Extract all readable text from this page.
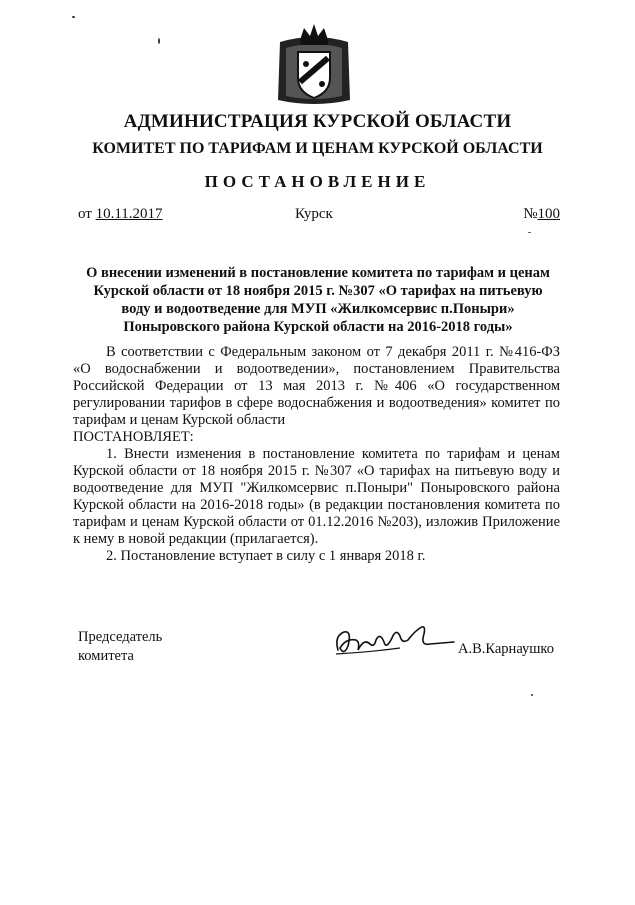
АДМИНИСТРАЦИЯ КУРСКОЙ ОБЛАСТИ
КОМИТЕТ ПО ТАРИФАМ И ЦЕНАМ КУРСКОЙ ОБЛАСТИ
ПОСТАНОВЛЕНИЕ
от 10.11.2017	Курск	№100
О внесении изменений в постановление комитета по тарифам и ценам Курской области от 18 ноября 2015 г. №307 «О тарифах на питьевую воду и водоотведение для МУП «Жилкомсервис п.Поныри» Поныровского района Курской области на 2016-2018 годы»

В соответствии с Федеральным законом от 7 декабря 2011 г. №416-ФЗ «О водоснабжении и водоотведении», постановлением Правительства Российской Федерации от 13 мая 2013 г. №406 «О государственном регулировании тарифов в сфере водоснабжения и водоотведения» комитет по тарифам и ценам Курской области

ПОСТАНОВЛЯЕТ:

1. Внести изменения в постановление комитета по тарифам и ценам Курской области от 18 ноября 2015 г. №307 «О тарифах на питьевую воду и водоотведение для МУП "Жилкомсервис п.Поныри" Поныровского района Курской области на 2016-2018 годы» (в редакции постановления комитета по тарифам и ценам Курской области от 01.12.2016 №203), изложив Приложение к нему в новой редакции (прилагается).

2. Постановление вступает в силу с 1 января 2018 г.

Председатель
комитета	А.В.Карнаушко
